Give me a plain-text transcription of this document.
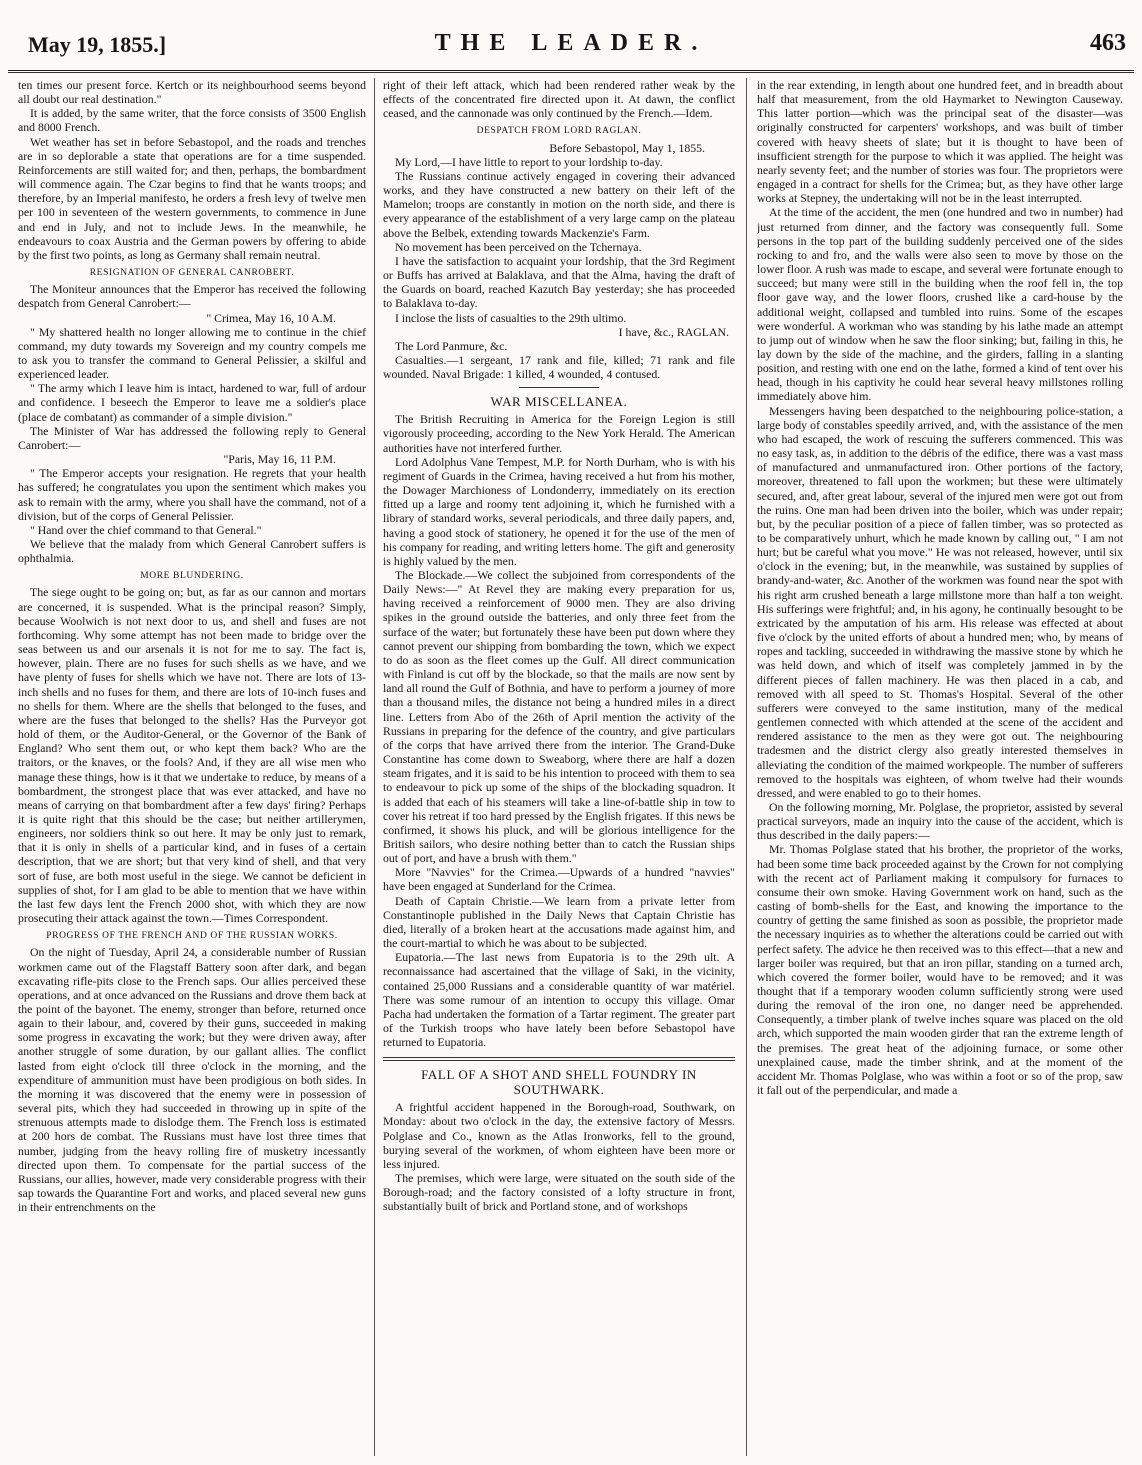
May 19, 1855.]	THE LEADER.	463

ten times our present force. Kertch or its neighbourhood seems beyond all doubt our real destination."

It is added, by the same writer, that the force consists of 3500 English and 8000 French.

Wet weather has set in before Sebastopol, and the roads and trenches are in so deplorable a state that operations are for a time suspended. Reinforcements are still waited for; and then, perhaps, the bombardment will commence again. The Czar begins to find that he wants troops; and therefore, by an Imperial manifesto, he orders a fresh levy of twelve men per 100 in seventeen of the western governments, to commence in June and end in July, and not to include Jews. In the meanwhile, he endeavours to coax Austria and the German powers by offering to abide by the first two points, as long as Germany shall remain neutral.

RESIGNATION OF GENERAL CANROBERT.

The Moniteur announces that the Emperor has received the following despatch from General Canrobert:—

" Crimea, May 16, 10 A.M.

" My shattered health no longer allowing me to continue in the chief command, my duty towards my Sovereign and my country compels me to ask you to transfer the command to General Pelissier, a skilful and experienced leader.

" The army which I leave him is intact, hardened to war, full of ardour and confidence. I beseech the Emperor to leave me a soldier's place (place de combatant) as commander of a simple division."

The Minister of War has addressed the following reply to General Canrobert:—

"Paris, May 16, 11 P.M.

" The Emperor accepts your resignation. He regrets that your health has suffered; he congratulates you upon the sentiment which makes you ask to remain with the army, where you shall have the command, not of a division, but of the corps of General Pelissier.

" Hand over the chief command to that General."

We believe that the malady from which General Canrobert suffers is ophthalmia.

MORE BLUNDERING.

The siege ought to be going on; but, as far as our cannon and mortars are concerned, it is suspended. What is the principal reason? Simply, because Woolwich is not next door to us, and shell and fuses are not forthcoming. Why some attempt has not been made to bridge over the seas between us and our arsenals it is not for me to say. The fact is, however, plain. There are no fuses for such shells as we have, and we have plenty of fuses for shells which we have not. There are lots of 13-inch shells and no fuses for them, and there are lots of 10-inch fuses and no shells for them. Where are the shells that belonged to the fuses, and where are the fuses that belonged to the shells? Has the Purveyor got hold of them, or the Auditor-General, or the Governor of the Bank of England? Who sent them out, or who kept them back? Who are the traitors, or the knaves, or the fools? And, if they are all wise men who manage these things, how is it that we undertake to reduce, by means of a bombardment, the strongest place that was ever attacked, and have no means of carrying on that bombardment after a few days' firing? Perhaps it is quite right that this should be the case; but neither artillerymen, engineers, nor soldiers think so out here. It may be only just to remark, that it is only in shells of a particular kind, and in fuses of a certain description, that we are short; but that very kind of shell, and that very sort of fuse, are both most useful in the siege. We cannot be deficient in supplies of shot, for I am glad to be able to mention that we have within the last few days lent the French 2000 shot, with which they are now prosecuting their attack against the town.—Times Correspondent.

PROGRESS OF THE FRENCH AND OF THE RUSSIAN WORKS.

On the night of Tuesday, April 24, a considerable number of Russian workmen came out of the Flagstaff Battery soon after dark, and began excavating rifle-pits close to the French saps. Our allies perceived these operations, and at once advanced on the Russians and drove them back at the point of the bayonet. The enemy, stronger than before, returned once again to their labour, and, covered by their guns, succeeded in making some progress in excavating the work; but they were driven away, after another struggle of some duration, by our gallant allies. The conflict lasted from eight o'clock till three o'clock in the morning, and the expenditure of ammunition must have been prodigious on both sides. In the morning it was discovered that the enemy were in possession of several pits, which they had succeeded in throwing up in spite of the strenuous attempts made to dislodge them. The French loss is estimated at 200 hors de combat. The Russians must have lost three times that number, judging from the heavy rolling fire of musketry incessantly directed upon them. To compensate for the partial success of the Russians, our allies, however, made very considerable progress with their sap towards the Quarantine Fort and works, and placed several new guns in their entrenchments on the

right of their left attack, which had been rendered rather weak by the effects of the concentrated fire directed upon it. At dawn, the conflict ceased, and the cannonade was only continued by the French.—Idem.

DESPATCH FROM LORD RAGLAN.

Before Sebastopol, May 1, 1855.

My Lord,—I have little to report to your lordship to-day.

The Russians continue actively engaged in covering their advanced works, and they have constructed a new battery on their left of the Mamelon; troops are constantly in motion on the north side, and there is every appearance of the establishment of a very large camp on the plateau above the Belbek, extending towards Mackenzie's Farm.

No movement has been perceived on the Tchernaya.

I have the satisfaction to acquaint your lordship, that the 3rd Regiment or Buffs has arrived at Balaklava, and that the Alma, having the draft of the Guards on board, reached Kazutch Bay yesterday; she has proceeded to Balaklava to-day.

I inclose the lists of casualties to the 29th ultimo.

I have, &c., RAGLAN.

The Lord Panmure, &c.

Casualties.—1 sergeant, 17 rank and file, killed; 71 rank and file wounded. Naval Brigade: 1 killed, 4 wounded, 4 contused.

WAR MISCELLANEA.

The British Recruiting in America for the Foreign Legion is still vigorously proceeding, according to the New York Herald. The American authorities have not interfered further.

Lord Adolphus Vane Tempest, M.P. for North Durham, who is with his regiment of Guards in the Crimea, having received a hut from his mother, the Dowager Marchioness of Londonderry, immediately on its erection fitted up a large and roomy tent adjoining it, which he furnished with a library of standard works, several periodicals, and three daily papers, and, having a good stock of stationery, he opened it for the use of the men of his company for reading, and writing letters home. The gift and generosity is highly valued by the men.

The Blockade.—We collect the subjoined from correspondents of the Daily News:—" At Revel they are making every preparation for us, having received a reinforcement of 9000 men. They are also driving spikes in the ground outside the batteries, and only three feet from the surface of the water; but fortunately these have been put down where they cannot prevent our shipping from bombarding the town, which we expect to do as soon as the fleet comes up the Gulf. All direct communication with Finland is cut off by the blockade, so that the mails are now sent by land all round the Gulf of Bothnia, and have to perform a journey of more than a thousand miles, the distance not being a hundred miles in a direct line. Letters from Abo of the 26th of April mention the activity of the Russians in preparing for the defence of the country, and give particulars of the corps that have arrived there from the interior. The Grand-Duke Constantine has come down to Sweaborg, where there are half a dozen steam frigates, and it is said to be his intention to proceed with them to sea to endeavour to pick up some of the ships of the blockading squadron. It is added that each of his steamers will take a line-of-battle ship in tow to cover his retreat if too hard pressed by the English frigates. If this news be confirmed, it shows his pluck, and will be glorious intelligence for the British sailors, who desire nothing better than to catch the Russian ships out of port, and have a brush with them."

More "Navvies" for the Crimea.—Upwards of a hundred "navvies" have been engaged at Sunderland for the Crimea.

Death of Captain Christie.—We learn from a private letter from Constantinople published in the Daily News that Captain Christie has died, literally of a broken heart at the accusations made against him, and the court-martial to which he was about to be subjected.

Eupatoria.—The last news from Eupatoria is to the 29th ult. A reconnaissance had ascertained that the village of Saki, in the vicinity, contained 25,000 Russians and a considerable quantity of war matériel. There was some rumour of an intention to occupy this village. Omar Pacha had undertaken the formation of a Tartar regiment. The greater part of the Turkish troops who have lately been before Sebastopol have returned to Eupatoria.

FALL OF A SHOT AND SHELL FOUNDRY IN SOUTHWARK.

A frightful accident happened in the Borough-road, Southwark, on Monday: about two o'clock in the day, the extensive factory of Messrs. Polglase and Co., known as the Atlas Ironworks, fell to the ground, burying several of the workmen, of whom eighteen have been more or less injured.

The premises, which were large, were situated on the south side of the Borough-road; and the factory consisted of a lofty structure in front, substantially built of brick and Portland stone, and of workshops

in the rear extending, in length about one hundred feet, and in breadth about half that measurement, from the old Haymarket to Newington Causeway. This latter portion—which was the principal seat of the disaster—was originally constructed for carpenters' workshops, and was built of timber covered with heavy sheets of slate; but it is thought to have been of insufficient strength for the purpose to which it was applied. The height was nearly seventy feet; and the number of stories was four. The proprietors were engaged in a contract for shells for the Crimea; but, as they have other large works at Stepney, the undertaking will not be in the least interrupted.

At the time of the accident, the men (one hundred and two in number) had just returned from dinner, and the factory was consequently full. Some persons in the top part of the building suddenly perceived one of the sides rocking to and fro, and the walls were also seen to move by those on the lower floor. A rush was made to escape, and several were fortunate enough to succeed; but many were still in the building when the roof fell in, the top floor gave way, and the lower floors, crushed like a card-house by the additional weight, collapsed and tumbled into ruins. Some of the escapes were wonderful. A workman who was standing by his lathe made an attempt to jump out of window when he saw the floor sinking; but, failing in this, he lay down by the side of the machine, and the girders, falling in a slanting position, and resting with one end on the lathe, formed a kind of tent over his head, though in his captivity he could hear several heavy millstones rolling immediately above him.

Messengers having been despatched to the neighbouring police-station, a large body of constables speedily arrived, and, with the assistance of the men who had escaped, the work of rescuing the sufferers commenced. This was no easy task, as, in addition to the débris of the edifice, there was a vast mass of manufactured and unmanufactured iron. Other portions of the factory, moreover, threatened to fall upon the workmen; but these were ultimately secured, and, after great labour, several of the injured men were got out from the ruins. One man had been driven into the boiler, which was under repair; but, by the peculiar position of a piece of fallen timber, was so protected as to be comparatively unhurt, which he made known by calling out, " I am not hurt; but be careful what you move." He was not released, however, until six o'clock in the evening; but, in the meanwhile, was sustained by supplies of brandy-and-water, &c. Another of the workmen was found near the spot with his right arm crushed beneath a large millstone more than half a ton weight. His sufferings were frightful; and, in his agony, he continually besought to be extricated by the amputation of his arm. His release was effected at about five o'clock by the united efforts of about a hundred men; who, by means of ropes and tackling, succeeded in withdrawing the massive stone by which he was held down, and which of itself was completely jammed in by the different pieces of fallen machinery. He was then placed in a cab, and removed with all speed to St. Thomas's Hospital. Several of the other sufferers were conveyed to the same institution, many of the medical gentlemen connected with which attended at the scene of the accident and rendered assistance to the men as they were got out. The neighbouring tradesmen and the district clergy also greatly interested themselves in alleviating the condition of the maimed workpeople. The number of sufferers removed to the hospitals was eighteen, of whom twelve had their wounds dressed, and were enabled to go to their homes.

On the following morning, Mr. Polglase, the proprietor, assisted by several practical surveyors, made an inquiry into the cause of the accident, which is thus described in the daily papers:—

Mr. Thomas Polglase stated that his brother, the proprietor of the works, had been some time back proceeded against by the Crown for not complying with the recent act of Parliament making it compulsory for furnaces to consume their own smoke. Having Government work on hand, such as the casting of bomb-shells for the East, and knowing the importance to the country of getting the same finished as soon as possible, the proprietor made the necessary inquiries as to whether the alterations could be carried out with perfect safety. The advice he then received was to this effect—that a new and larger boiler was required, but that an iron pillar, standing on a turned arch, which covered the former boiler, would have to be removed; and it was thought that if a temporary wooden column sufficiently strong were used during the removal of the iron one, no danger need be apprehended. Consequently, a timber plank of twelve inches square was placed on the old arch, which supported the main wooden girder that ran the extreme length of the premises. The great heat of the adjoining furnace, or some other unexplained cause, made the timber shrink, and at the moment of the accident Mr. Thomas Polglase, who was within a foot or so of the prop, saw it fall out of the perpendicular, and made a
